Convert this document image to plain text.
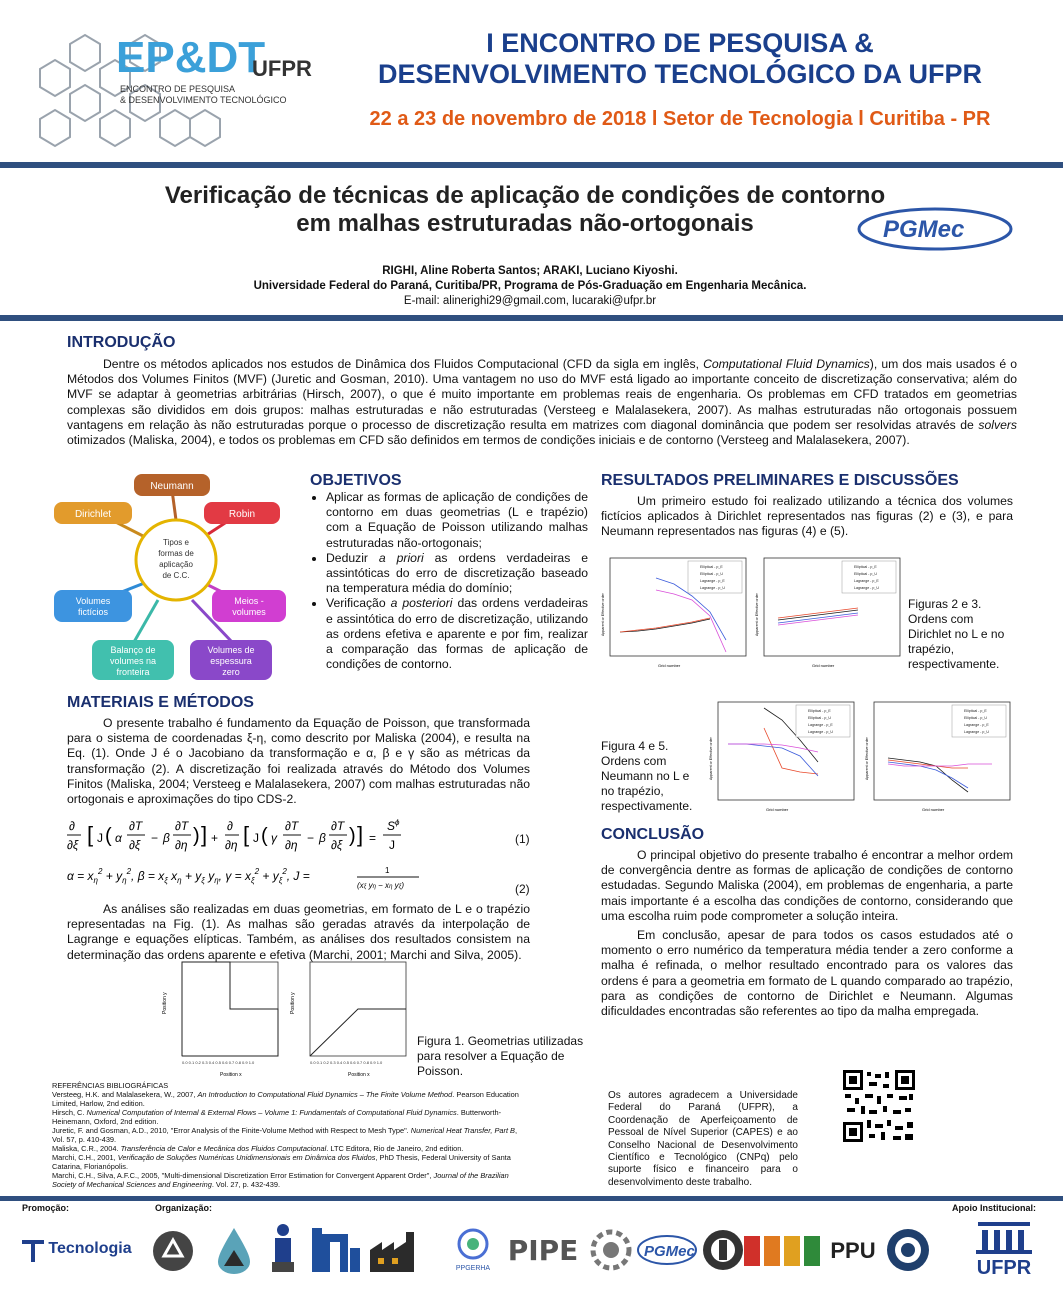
EP&DT
UFPR
ENCONTRO DE PESQUISA
& DESENVOLVIMENTO TECNOLÓGICO
I ENCONTRO DE PESQUISA &
DESENVOLVIMENTO TECNOLÓGICO DA UFPR
22 a 23 de novembro de 2018 l Setor de Tecnologia l Curitiba - PR
Verificação de técnicas de aplicação de condições de contorno
em malhas estruturadas não-ortogonais	PGMec
RIGHI, Aline Roberta Santos; ARAKI, Luciano Kiyoshi.
Universidade Federal do Paraná, Curitiba/PR, Programa de Pós-Graduação em Engenharia Mecânica.
E-mail: alinerighi29@gmail.com, lucaraki@ufpr.br
INTRODUÇÃO

Dentre os métodos aplicados nos estudos de Dinâmica dos Fluidos Computacional (CFD da sigla em inglês, Computational Fluid Dynamics), um dos mais usados é o Métodos dos Volumes Finitos (MVF) (Juretic and Gosman, 2010). Uma vantagem no uso do MVF está ligado ao importante conceito de discretização conservativa; além do MVF se adaptar à geometrias arbitrárias (Hirsch, 2007), o que é muito importante em problemas reais de engenharia. Os problemas em CFD tratados em geometrias complexas são divididos em dois grupos: malhas estruturadas e não estruturadas (Versteeg e Malalasekera, 2007). As malhas estruturadas não ortogonais possuem vantagens em relação às não estruturadas porque o processo de discretização resulta em matrizes com diagonal dominância que podem ser resolvidas através de solvers otimizados (Maliska, 2004), e todos os problemas em CFD são definidos em termos de condições iniciais e de contorno (Versteeg and Malalasekera, 2007).

Tipos e formas de aplicação de C.C.
Neumann
Dirichlet	Robin
Volumes fictícios
Meios -volumes
Balanço de volumes na fronteira
Volumes de espessura zero
OBJETIVOS
• Aplicar as formas de aplicação de condições de contorno em duas geometrias (L e trapézio) com a Equação de Poisson utilizando malhas estruturadas não-ortogonais;
• Deduzir a priori as ordens verdadeiras e assintóticas do erro de discretização baseado na temperatura média do domínio;
• Verificação a posteriori das ordens verdadeiras e assintótica do erro de discretização, utilizando as ordens efetiva e aparente e por fim, realizar a comparação das formas de aplicação de condições de contorno.
MATERIAIS E MÉTODOS

O presente trabalho é fundamento da Equação de Poisson, que transformada para o sistema de coordenadas ξ-η, como descrito por Maliska (2004), e resulta na Eq. (1). Onde J é o Jacobiano da transformação e α, β e γ são as métricas da transformação (2). A discretização foi realizada através do Método dos Volumes Finitos (Maliska, 2004; Versteeg e Malalasekera, 2007) com malhas estruturadas não ortogonais e aproximações do tipo CDS-2.

∂
∂ξ [ J ( α
∂T
∂ξ − β
∂T
∂η ) ] +
∂
∂η [ J ( γ
∂T
∂η − β
∂T
∂ξ ) ] =
$S^\phi$
J	(1)
$\alpha = x_\eta^2 + y_\eta^2$, $\beta = x_\xi$ $x_\eta + y_\xi$ $y_\eta$, $\gamma = x_\xi^2 + y_\xi^2$, J =	1
(xξ yη − xη yξ)	(2)

As análises são realizadas em duas geometrias, em formato de L e o trapézio representadas na Fig. (1). As malhas são geradas através da interpolação de Lagrange e equações elípticas. Também, as análises dos resultados consistem na determinação das ordens aparente e efetiva (Marchi, 2001; Marchi and Silva, 2005).

Position y
Position x
Position y
Position x
0.0 0.1 0.2 0.3 0.4 0.5 0.6 0.7 0.8 0.9 1.0	0.0 0.1 0.2 0.3 0.4 0.5 0.6 0.7 0.8 0.9 1.0
Figura 1. Geometrias utilizadas para resolver a Equação de Poisson.
RESULTADOS PRELIMINARES E DISCUSSÕES

Um primeiro estudo foi realizado utilizando a técnica dos volumes fictícios aplicados à Dirichlet representados nas figuras (2) e (3), e para Neumann representados nas figuras (4) e (5).

Elliptical - p_E Elliptical - p_U Lagrange - p_E Lagrange - p_U
Grid number
Apparent or Effective order
Elliptical - p_E Elliptical - p_U Lagrange - p_E Lagrange - p_U
Grid number
Apparent or Effective order	Figuras 2 e 3. Ordens com Dirichlet no L e no trapézio, respectivamente.
Elliptical - p_E Elliptical - p_U Lagrange - p_E Lagrange - p_U
Grid number
Apparent or Effective order
Elliptical - p_E Elliptical - p_U Lagrange - p_E Lagrange - p_U
Grid number
Apparent or Effective order
Figura 4 e 5. Ordens com Neumann no L e no trapézio, respectivamente.
CONCLUSÃO

O principal objetivo do presente trabalho é encontrar a melhor ordem de convergência dentre as formas de aplicação de condições de contorno estudadas. Segundo Maliska (2004), em problemas de engenharia, a parte mais importante é a escolha das condições de contorno, considerando que uma escolha ruim pode comprometer a solução inteira.

Em conclusão, apesar de para todos os casos estudados até o momento o erro numérico da temperatura média tender a zero conforme a malha é refinada, o melhor resultado encontrado para os valores das ordens é para a geometria em formato de L quando comparado ao trapézio, para as condições de contorno de Dirichlet e Neumann. Algumas dificuldades encontradas são referentes ao tipo da malha empregada.

REFERÊNCIAS BIBLIOGRÁFICAS
Versteeg, H.K. and Malalasekera, W., 2007, An Introduction to Computational Fluid Dynamics – The Finite Volume Method. Pearson Education Limited, Harlow, 2nd edition.
Hirsch, C. Numerical Computation of Internal & External Flows – Volume 1: Fundamentals of Computational Fluid Dynamics. Butterworth-Heinemann, Oxford, 2nd edition.
Juretic, F. and Gosman, A.D., 2010, "Error Analysis of the Finite-Volume Method with Respect to Mesh Type". Numerical Heat Transfer, Part B, Vol. 57, p. 410-439.
Maliska, C.R., 2004. Transferência de Calor e Mecânica dos Fluidos Computacional. LTC Editora, Rio de Janeiro, 2nd edition.
Marchi, C.H., 2001, Verificação de Soluções Numéricas Unidimensionais em Dinâmica dos Fluidos, PhD Thesis, Federal University of Santa Catarina, Florianópolis.
Marchi, C.H., Silva, A.F.C., 2005, "Multi-dimensional Discretization Error Estimation for Convergent Apparent Order", Journal of the Brazilian Society of Mechanical Sciences and Engineering. Vol. 27, p. 432-439.
Os autores agradecem a Universidade Federal do Paraná (UFPR), a Coordenação de Aperfeiçoamento de Pessoal de Nível Superior (CAPES) e ao Conselho Nacional de Desenvolvimento Científico e Tecnológico (CNPq) pelo suporte físico e financeiro para o desenvolvimento deste trabalho.
Promoção:	Organização:	Apoio Institucional:
Tecnologia
PPGERHA
PIPE	PGMec	PPU
UFPR
